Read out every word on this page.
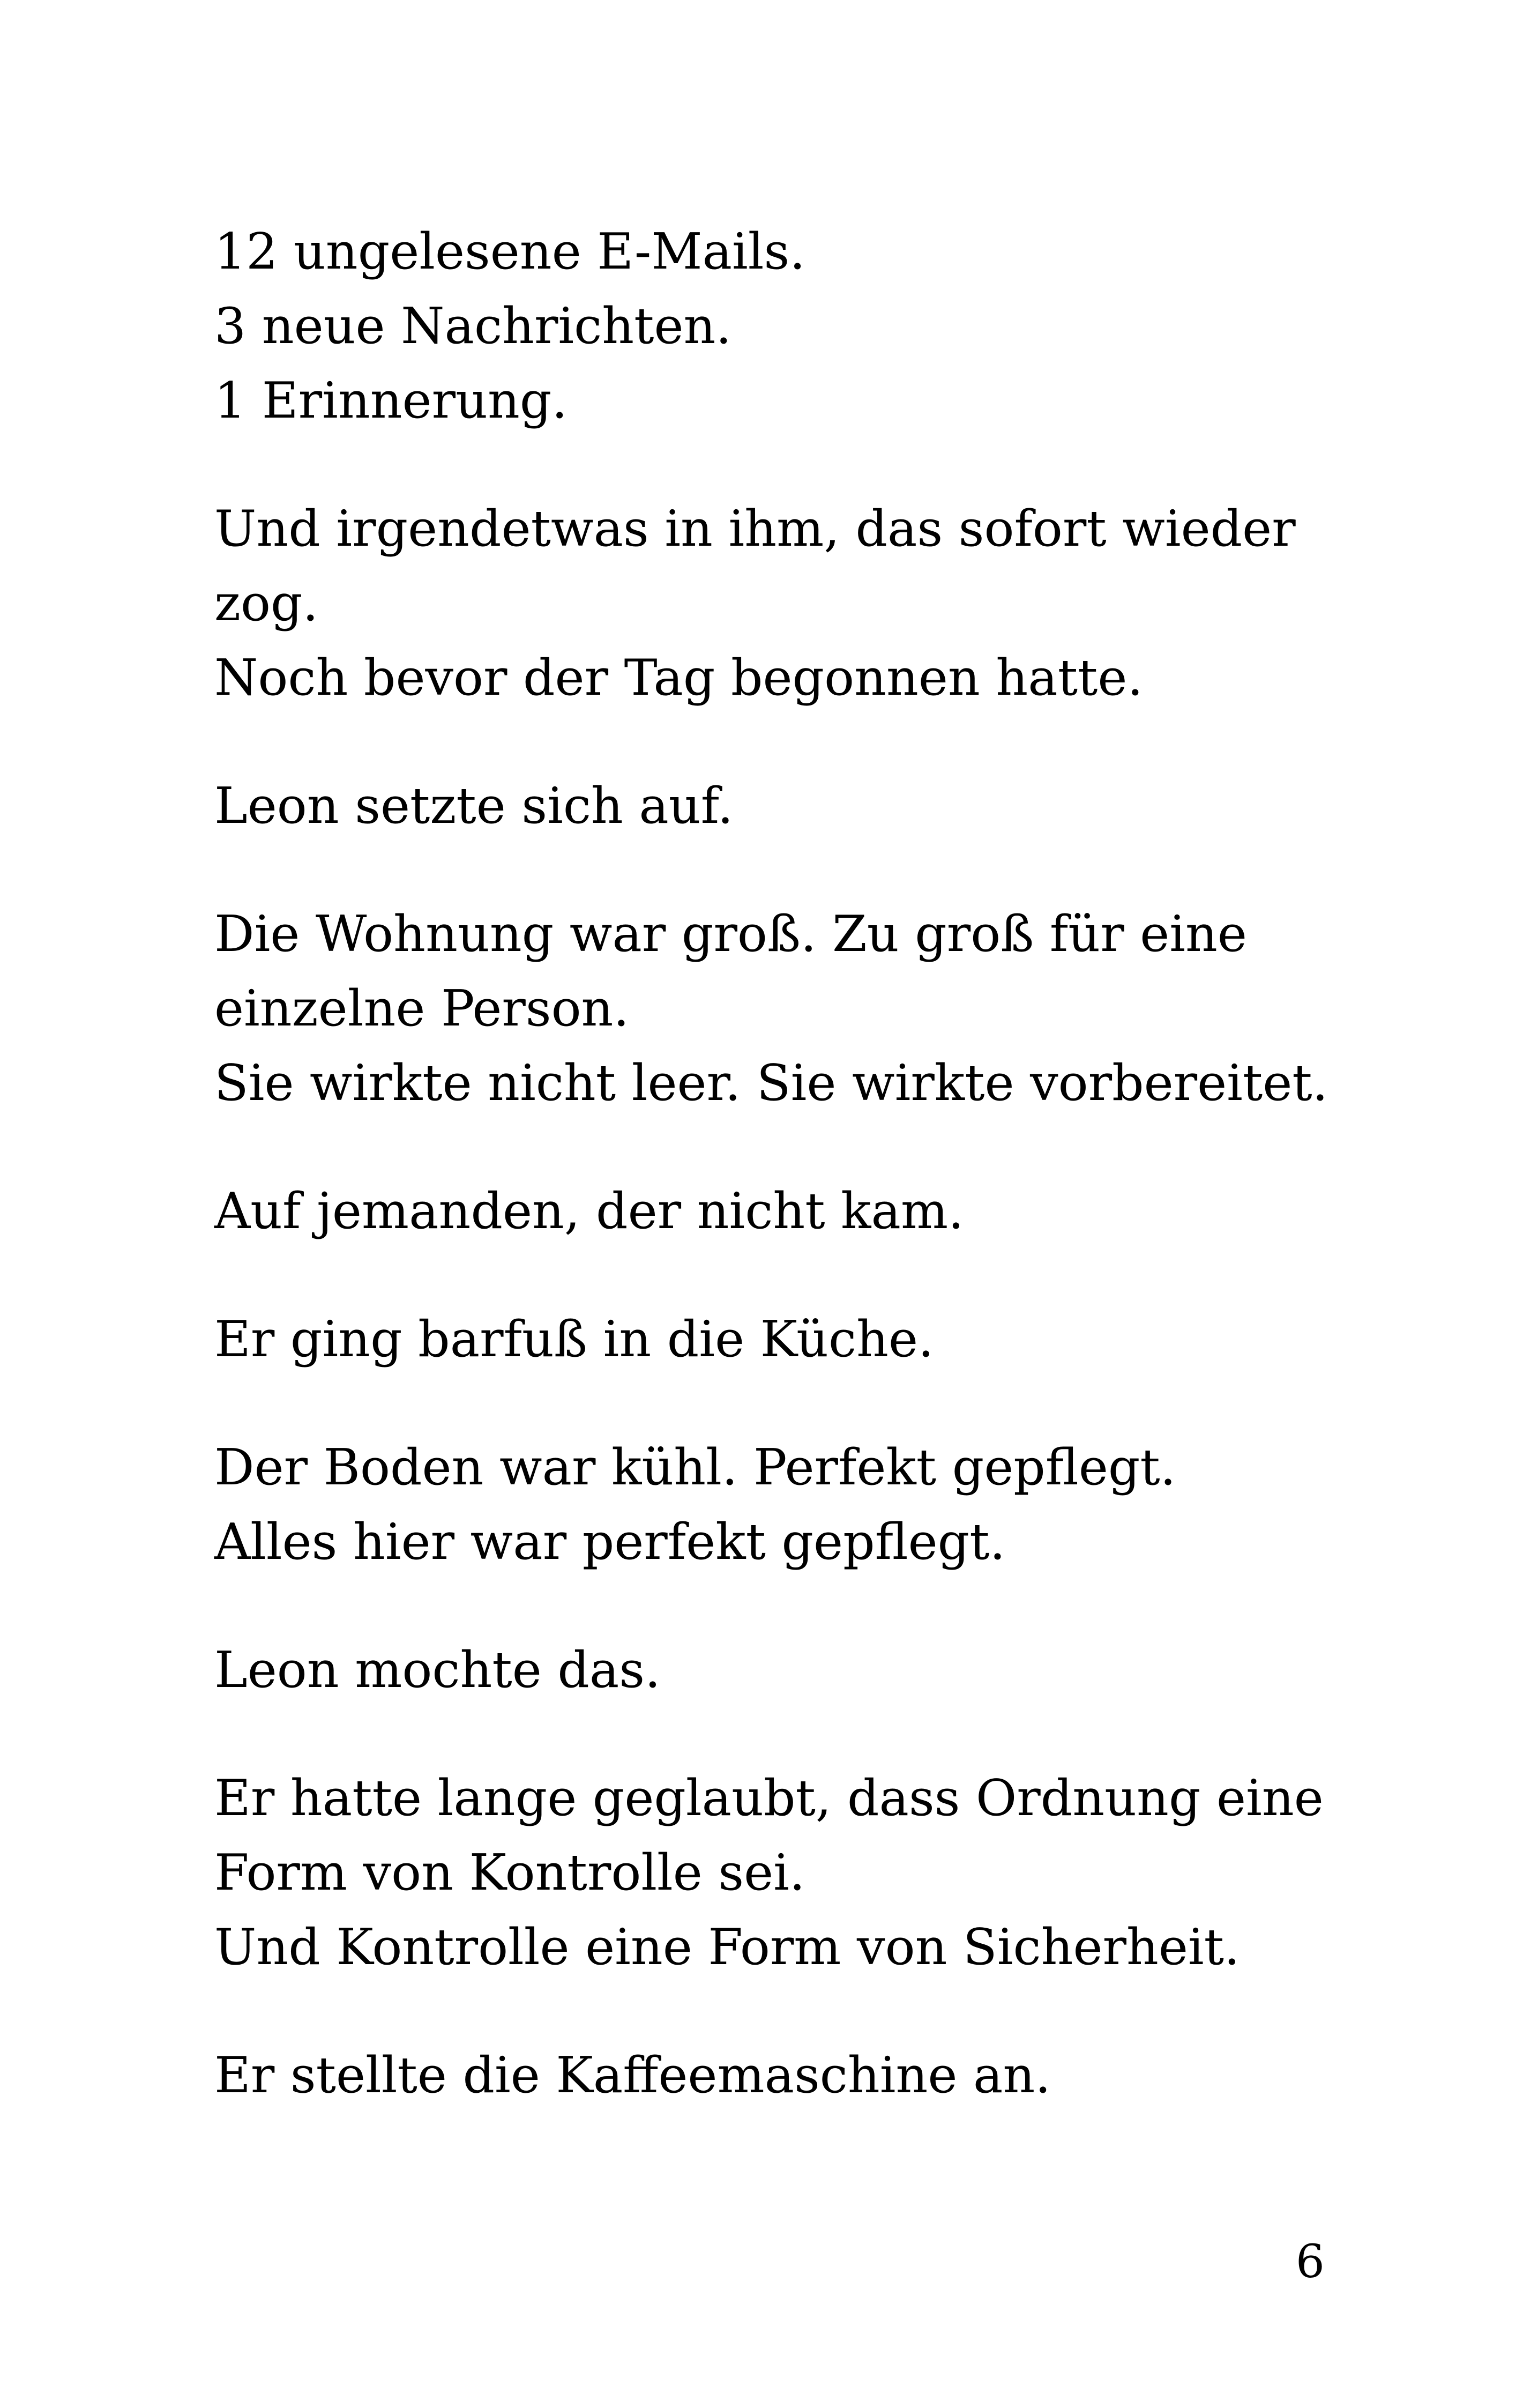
12 ungelesene E-Mails.
3 neue Nachrichten.
1 Erinnerung.

Und irgendetwas in ihm, das sofort wieder
zog.
Noch bevor der Tag begonnen hatte.

Leon setzte sich auf.

Die Wohnung war groß. Zu groß für eine
einzelne Person.
Sie wirkte nicht leer. Sie wirkte vorbereitet.

Auf jemanden, der nicht kam.

Er ging barfuß in die Küche.

Der Boden war kühl. Perfekt gepflegt.
Alles hier war perfekt gepflegt.

Leon mochte das.

Er hatte lange geglaubt, dass Ordnung eine
Form von Kontrolle sei.
Und Kontrolle eine Form von Sicherheit.

Er stellte die Kaffeemaschine an.

6
